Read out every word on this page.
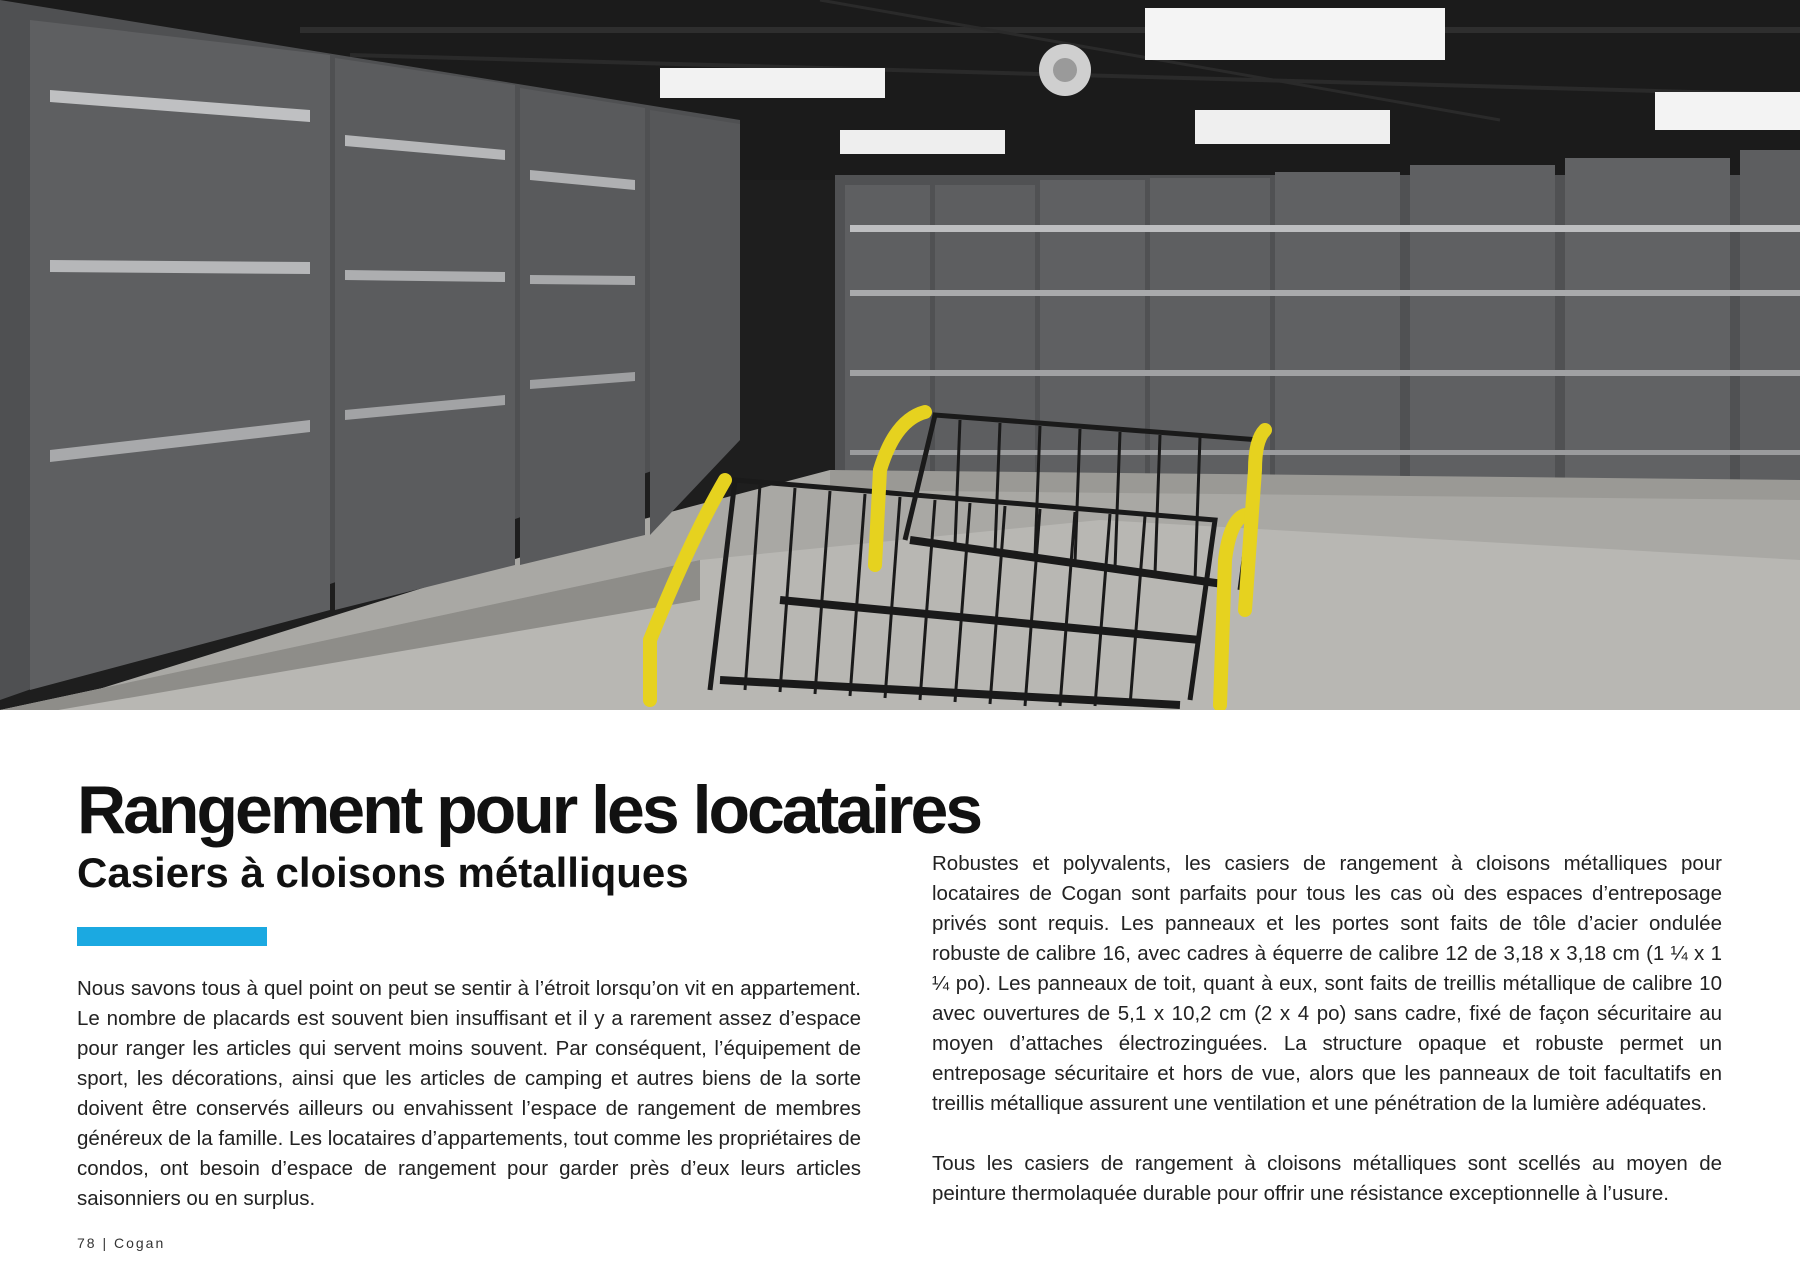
Rangement pour les locataires
Casiers à cloisons métalliques

Nous savons tous à quel point on peut se sentir à l’étroit lorsqu’on vit en appartement. Le nombre de placards est souvent bien insuffisant et il y a rarement assez d’espace pour ranger les articles qui servent moins souvent. Par conséquent, l’équipement de sport, les décorations, ainsi que les articles de camping et autres biens de la sorte doivent être conservés ailleurs ou envahissent l’espace de rangement de membres généreux de la famille. Les locataires d’appartements, tout comme les propriétaires de condos, ont besoin d’espace de rangement pour garder près d’eux leurs articles saisonniers ou en surplus.

Robustes et polyvalents, les casiers de rangement à cloisons métalliques pour locataires de Cogan sont parfaits pour tous les cas où des espaces d’entreposage privés sont requis. Les panneaux et les portes sont faits de tôle d’acier ondulée robuste de calibre 16, avec cadres à équerre de calibre 12 de 3,18 x 3,18 cm (1 ¼ x 1 ¼ po). Les panneaux de toit, quant à eux, sont faits de treillis métallique de calibre 10 avec ouvertures de 5,1 x 10,2 cm (2 x 4 po) sans cadre, fixé de façon sécuritaire au moyen d’attaches électrozinguées. La structure opaque et robuste permet un entreposage sécuritaire et hors de vue, alors que les panneaux de toit facultatifs en treillis métallique assurent une ventilation et une pénétration de la lumière adéquates.

Tous les casiers de rangement à cloisons métalliques sont scellés au moyen de peinture thermolaquée durable pour offrir une résistance exceptionnelle à l’usure.

78 | Cogan
